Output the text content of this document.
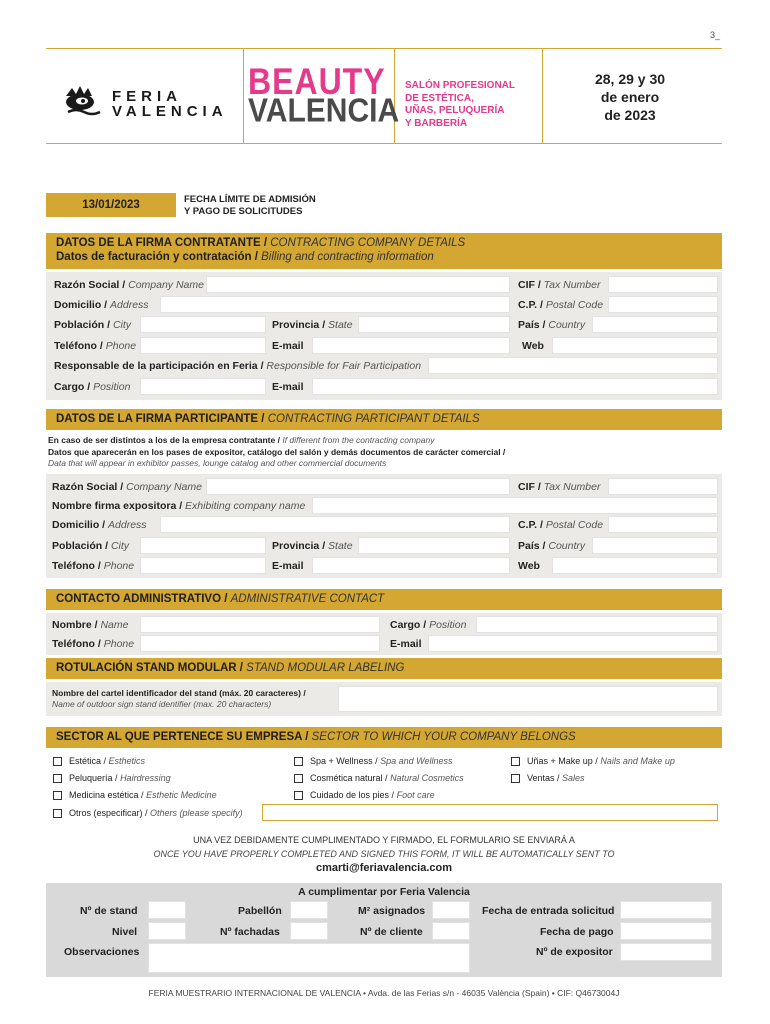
3_
FERIA
VALENCIA
BEAUTY
VALENCIA
SALÓN PROFESIONAL
DE ESTÉTICA,
UÑAS, PELUQUERÍA
Y BARBERÍA
28, 29 y 30
de enero
de 2023
13/01/2023	FECHA LÍMITE DE ADMISIÓN
Y PAGO DE SOLICITUDES
DATOS DE LA FIRMA CONTRATANTE / CONTRACTING COMPANY DETAILS
Datos de facturación y contratación / Billing and contracting information
Razón Social / Company Name	CIF / Tax Number
Domicilio / Address	C.P. / Postal Code
Población / City	Provincia / State	País / Country
Teléfono / Phone	E-mail	Web
Responsable de la participación en Feria / Responsible for Fair Participation
Cargo / Position	E-mail
DATOS DE LA FIRMA PARTICIPANTE / CONTRACTING PARTICIPANT DETAILS
En caso de ser distintos a los de la empresa contratante / If different from the contracting company
Datos que aparecerán en los pases de expositor, catálogo del salón y demás documentos de carácter comercial /
Data that will appear in exhibitor passes, lounge catalog and other commercial documents
Razón Social / Company Name	CIF / Tax Number
Nombre firma expositora / Exhibiting company name
Domicilio / Address	C.P. / Postal Code
Población / City	Provincia / State	País / Country
Teléfono / Phone	E-mail	Web
CONTACTO ADMINISTRATIVO / ADMINISTRATIVE CONTACT
Nombre / Name	Cargo / Position
Teléfono / Phone	E-mail
ROTULACIÓN STAND MODULAR / STAND MODULAR LABELING
Nombre del cartel identificador del stand (máx. 20 caracteres) /
Name of outdoor sign stand identifier (max. 20 characters)
SECTOR AL QUE PERTENECE SU EMPRESA / SECTOR TO WHICH YOUR COMPANY BELONGS
Estética / Esthetics	Spa + Wellness / Spa and Wellness	Uñas + Make up / Nails and Make up
Peluquería / Hairdressing	Cosmética natural / Natural Cosmetics	Ventas / Sales
Medicina estética / Esthetic Medicine	Cuidado de los pies / Foot care
Otros (especificar) / Others (please specify)
UNA VEZ DEBIDAMENTE CUMPLIMENTADO Y FIRMADO, EL FORMULARIO SE ENVIARÁ A
ONCE YOU HAVE PROPERLY COMPLETED AND SIGNED THIS FORM, IT WILL BE AUTOMATICALLY SENT TO
cmarti@feriavalencia.com
A cumplimentar por Feria Valencia
Nº de stand	Pabellón	M² asignados	Fecha de entrada solicitud
Nivel	Nº fachadas	Nº de cliente	Fecha de pago
Observaciones	Nº de expositor
FERIA MUESTRARIO INTERNACIONAL DE VALENCIA • Avda. de las Ferias s/n - 46035 València (Spain) • CIF: Q4673004J
